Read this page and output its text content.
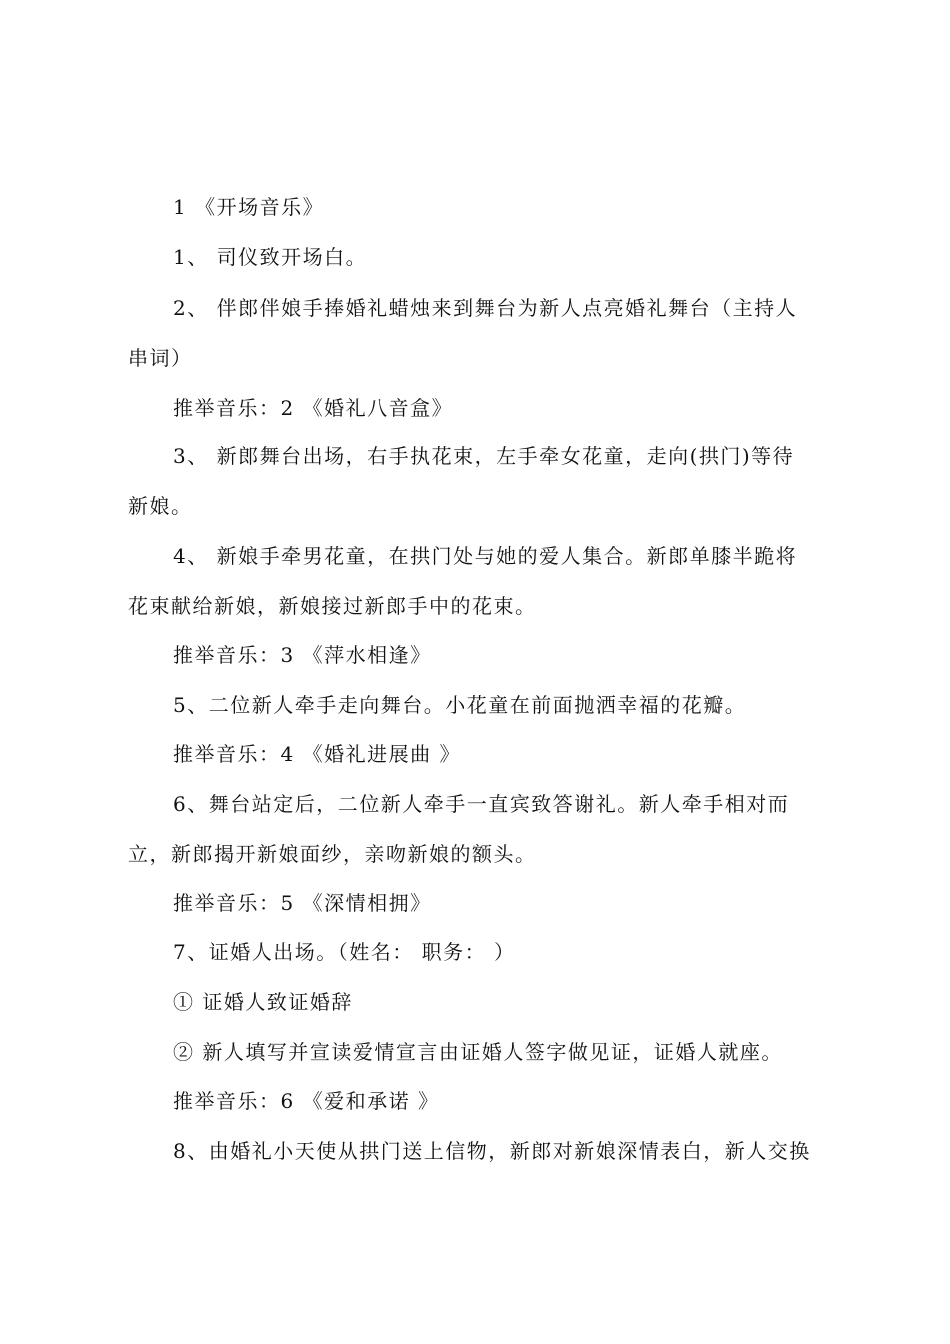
1 《开场音乐》
1、 司仪致开场白。
2、 伴郎伴娘手捧婚礼蜡烛来到舞台为新人点亮婚礼舞台（主持人
串词）
推举音乐：2 《婚礼八音盒》
3、 新郎舞台出场，右手执花束，左手牵女花童，走向(拱门)等待
新娘。
4、 新娘手牵男花童，在拱门处与她的爱人集合。新郎单膝半跪将
花束献给新娘，新娘接过新郎手中的花束。
推举音乐：3 《萍水相逢》
5、二位新人牵手走向舞台。小花童在前面抛洒幸福的花瓣。
推举音乐：4 《婚礼进展曲 》
6、舞台站定后，二位新人牵手一直宾致答谢礼。新人牵手相对而
立，新郎揭开新娘面纱，亲吻新娘的额头。
推举音乐：5 《深情相拥》
7、证婚人出场。（姓名： 职务： ）
① 证婚人致证婚辞
② 新人填写并宣读爱情宣言由证婚人签字做见证，证婚人就座。
推举音乐：6 《爱和承诺 》
8、由婚礼小天使从拱门送上信物，新郎对新娘深情表白，新人交换
